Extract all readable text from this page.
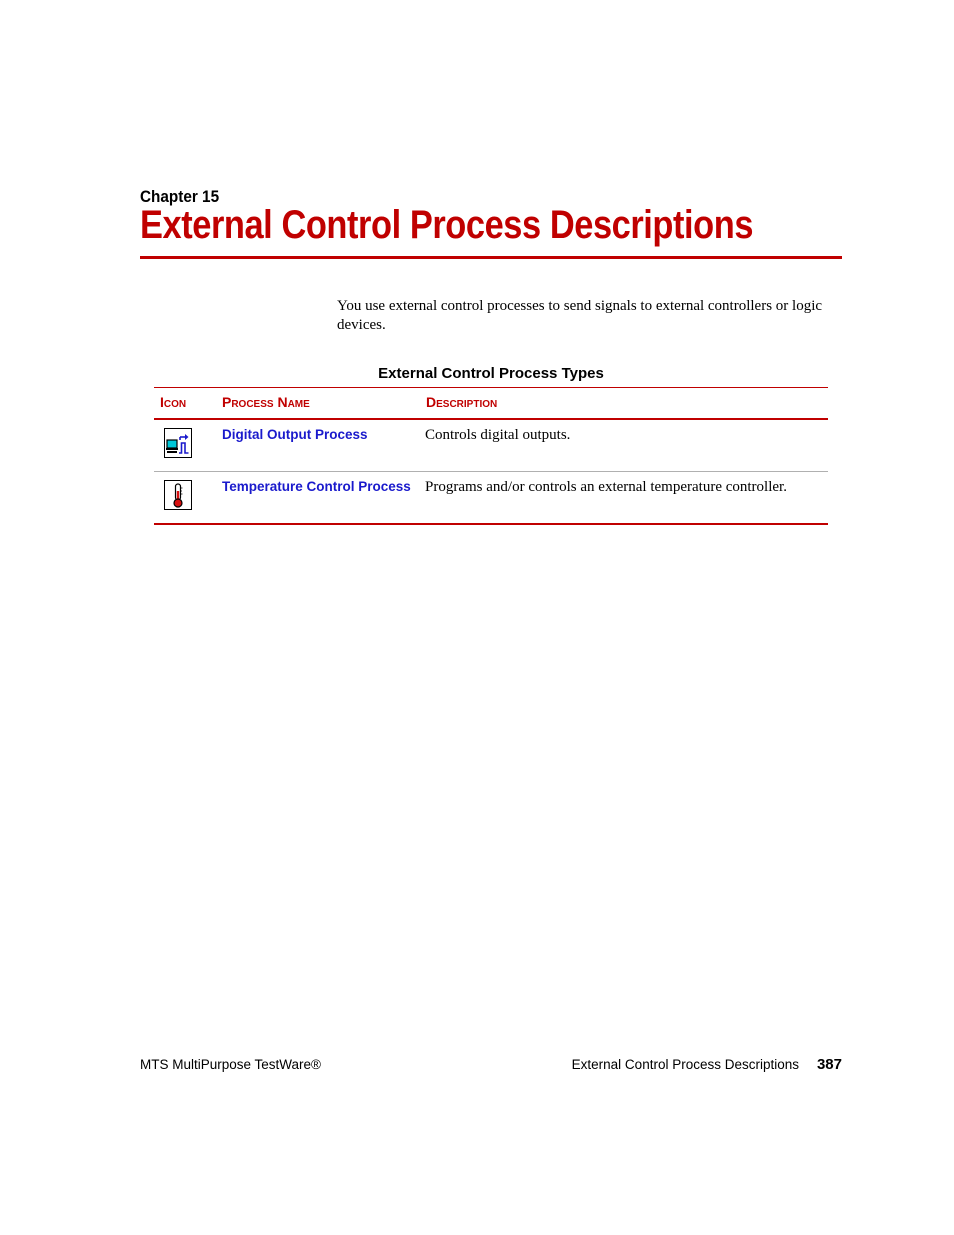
Chapter 15
External Control Process Descriptions

You use external control processes to send signals to external controllers or logic devices.

External Control Process Types
Icon	Process Name	Description

	Digital Output Process	Controls digital outputs.

	Temperature Control Process	Programs and/or controls an external temperature controller.
MTS MultiPurpose TestWare®	External Control Process Descriptions 387
